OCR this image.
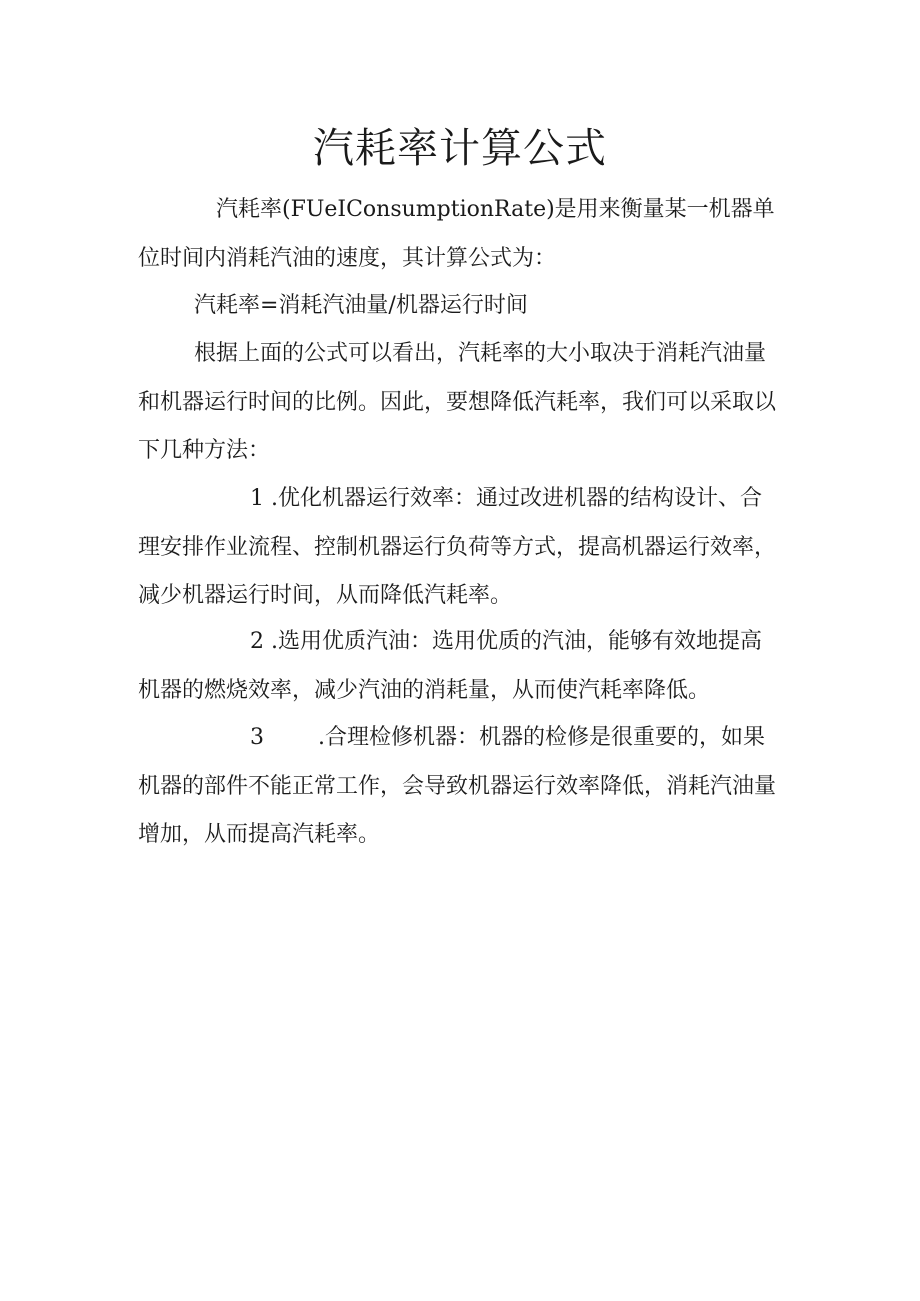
汽耗率计算公式

汽耗率(FUeIConsumptionRate)是用来衡量某一机器单位时间内消耗汽油的速度，其计算公式为：

汽耗率=消耗汽油量/机器运行时间

根据上面的公式可以看出，汽耗率的大小取决于消耗汽油量和机器运行时间的比例。因此，要想降低汽耗率，我们可以采取以下几种方法：

1 .优化机器运行效率：通过改进机器的结构设计、合理安排作业流程、控制机器运行负荷等方式，提高机器运行效率，减少机器运行时间，从而降低汽耗率。

2 .选用优质汽油：选用优质的汽油，能够有效地提高机器的燃烧效率，减少汽油的消耗量，从而使汽耗率降低。

3 .合理检修机器：机器的检修是很重要的，如果机器的部件不能正常工作，会导致机器运行效率降低，消耗汽油量增加，从而提高汽耗率。
